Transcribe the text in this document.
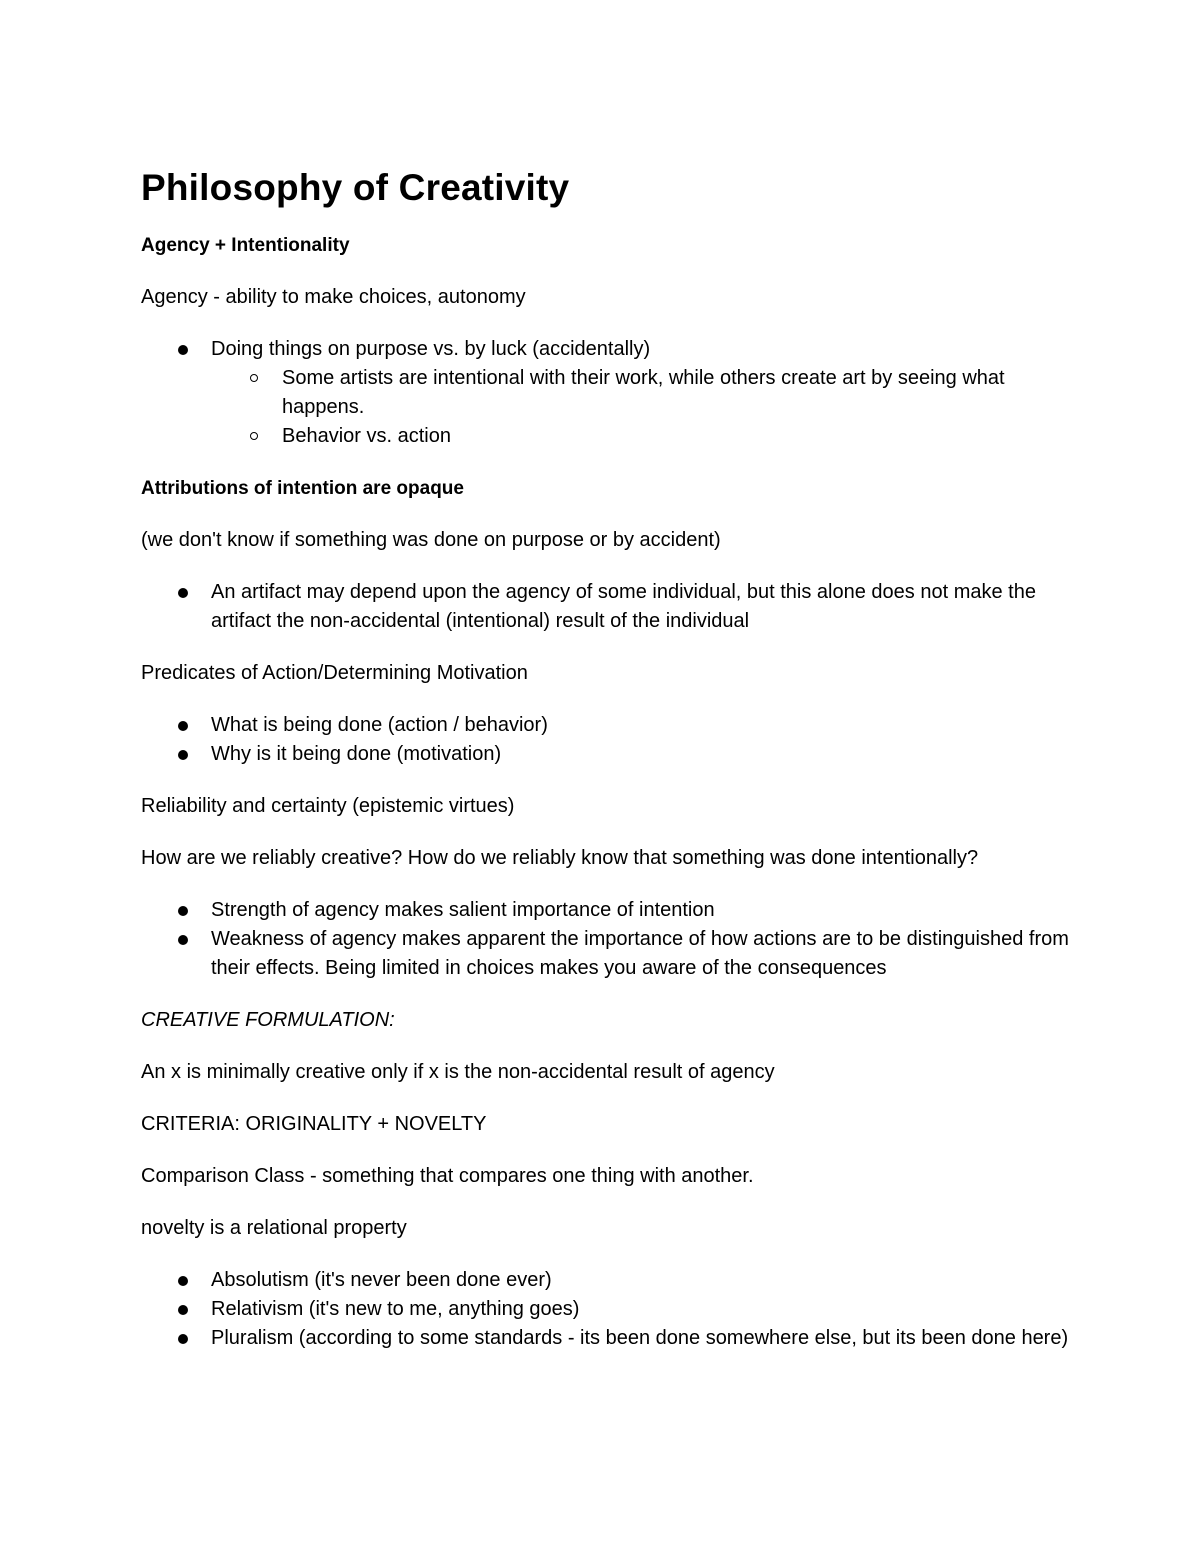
Philosophy of Creativity

Agency + Intentionality

Agency - ability to make choices, autonomy

Doing things on purpose vs. by luck (accidentally)
Some artists are intentional with their work, while others create art by seeing what happens.
Behavior vs. action

Attributions of intention are opaque

(we don't know if something was done on purpose or by accident)

An artifact may depend upon the agency of some individual, but this alone does not make the artifact the non-accidental (intentional) result of the individual

Predicates of Action/Determining Motivation

What is being done (action / behavior)
Why is it being done (motivation)

Reliability and certainty (epistemic virtues)

How are we reliably creative? How do we reliably know that something was done intentionally?

Strength of agency makes salient importance of intention
Weakness of agency makes apparent the importance of how actions are to be distinguished from their effects. Being limited in choices makes you aware of the consequences

CREATIVE FORMULATION:

An x is minimally creative only if x is the non-accidental result of agency

CRITERIA: ORIGINALITY + NOVELTY

Comparison Class - something that compares one thing with another.

novelty is a relational property

Absolutism (it's never been done ever)
Relativism (it's new to me, anything goes)
Pluralism (according to some standards - its been done somewhere else, but its been done here)
